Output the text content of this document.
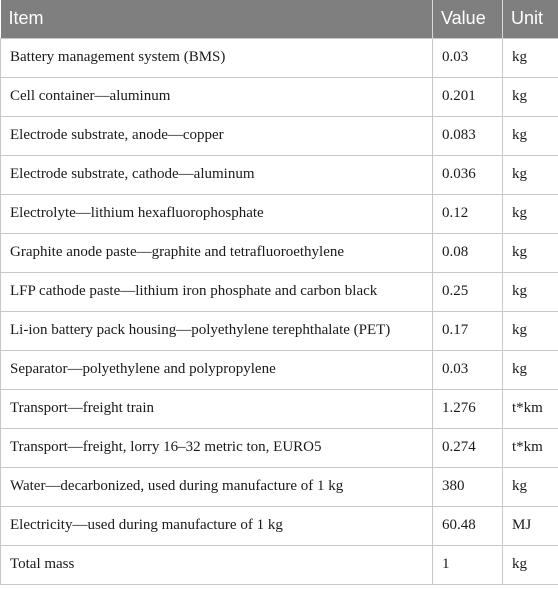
Item	Value	Unit
Battery management system (BMS)	0.03	kg
Cell container—aluminum	0.201	kg
Electrode substrate, anode—copper	0.083	kg
Electrode substrate, cathode—aluminum	0.036	kg
Electrolyte—lithium hexafluorophosphate	0.12	kg
Graphite anode paste—graphite and tetrafluoroethylene	0.08	kg
LFP cathode paste—lithium iron phosphate and carbon black	0.25	kg
Li-ion battery pack housing—polyethylene terephthalate (PET)	0.17	kg
Separator—polyethylene and polypropylene	0.03	kg
Transport—freight train	1.276	t*km
Transport—freight, lorry 16–32 metric ton, EURO5	0.274	t*km
Water—decarbonized, used during manufacture of 1 kg	380	kg
Electricity—used during manufacture of 1 kg	60.48	MJ
Total mass	1	kg
